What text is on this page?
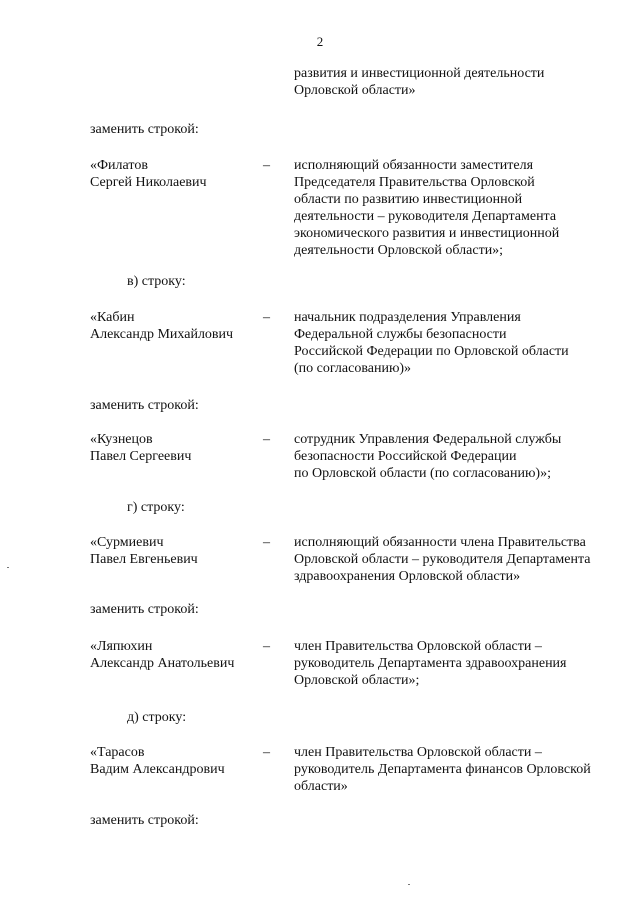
2
развития и инвестиционной деятельности
Орловской области»
заменить строкой:
«Филатов
Сергей Николаевич
– исполняющий обязанности заместителя
Председателя Правительства Орловской
области по развитию инвестиционной
деятельности – руководителя Департамента
экономического развития и инвестиционной
деятельности Орловской области»;
в) строку:
«Кабин
Александр Михайлович
– начальник подразделения Управления
Федеральной службы безопасности
Российской Федерации по Орловской области
(по согласованию)»
заменить строкой:
«Кузнецов
Павел Сергеевич
– сотрудник Управления Федеральной службы
безопасности Российской Федерации
по Орловской области (по согласованию)»;
г) строку:
«Сурмиевич
Павел Евгеньевич
– исполняющий обязанности члена Правительства
Орловской области – руководителя Департамента
здравоохранения Орловской области»
заменить строкой:
«Ляпюхин
Александр Анатольевич
– член Правительства Орловской области –
руководитель Департамента здравоохранения
Орловской области»;
д) строку:
«Тарасов
Вадим Александрович
– член Правительства Орловской области –
руководитель Департамента финансов Орловской
области»
заменить строкой:
